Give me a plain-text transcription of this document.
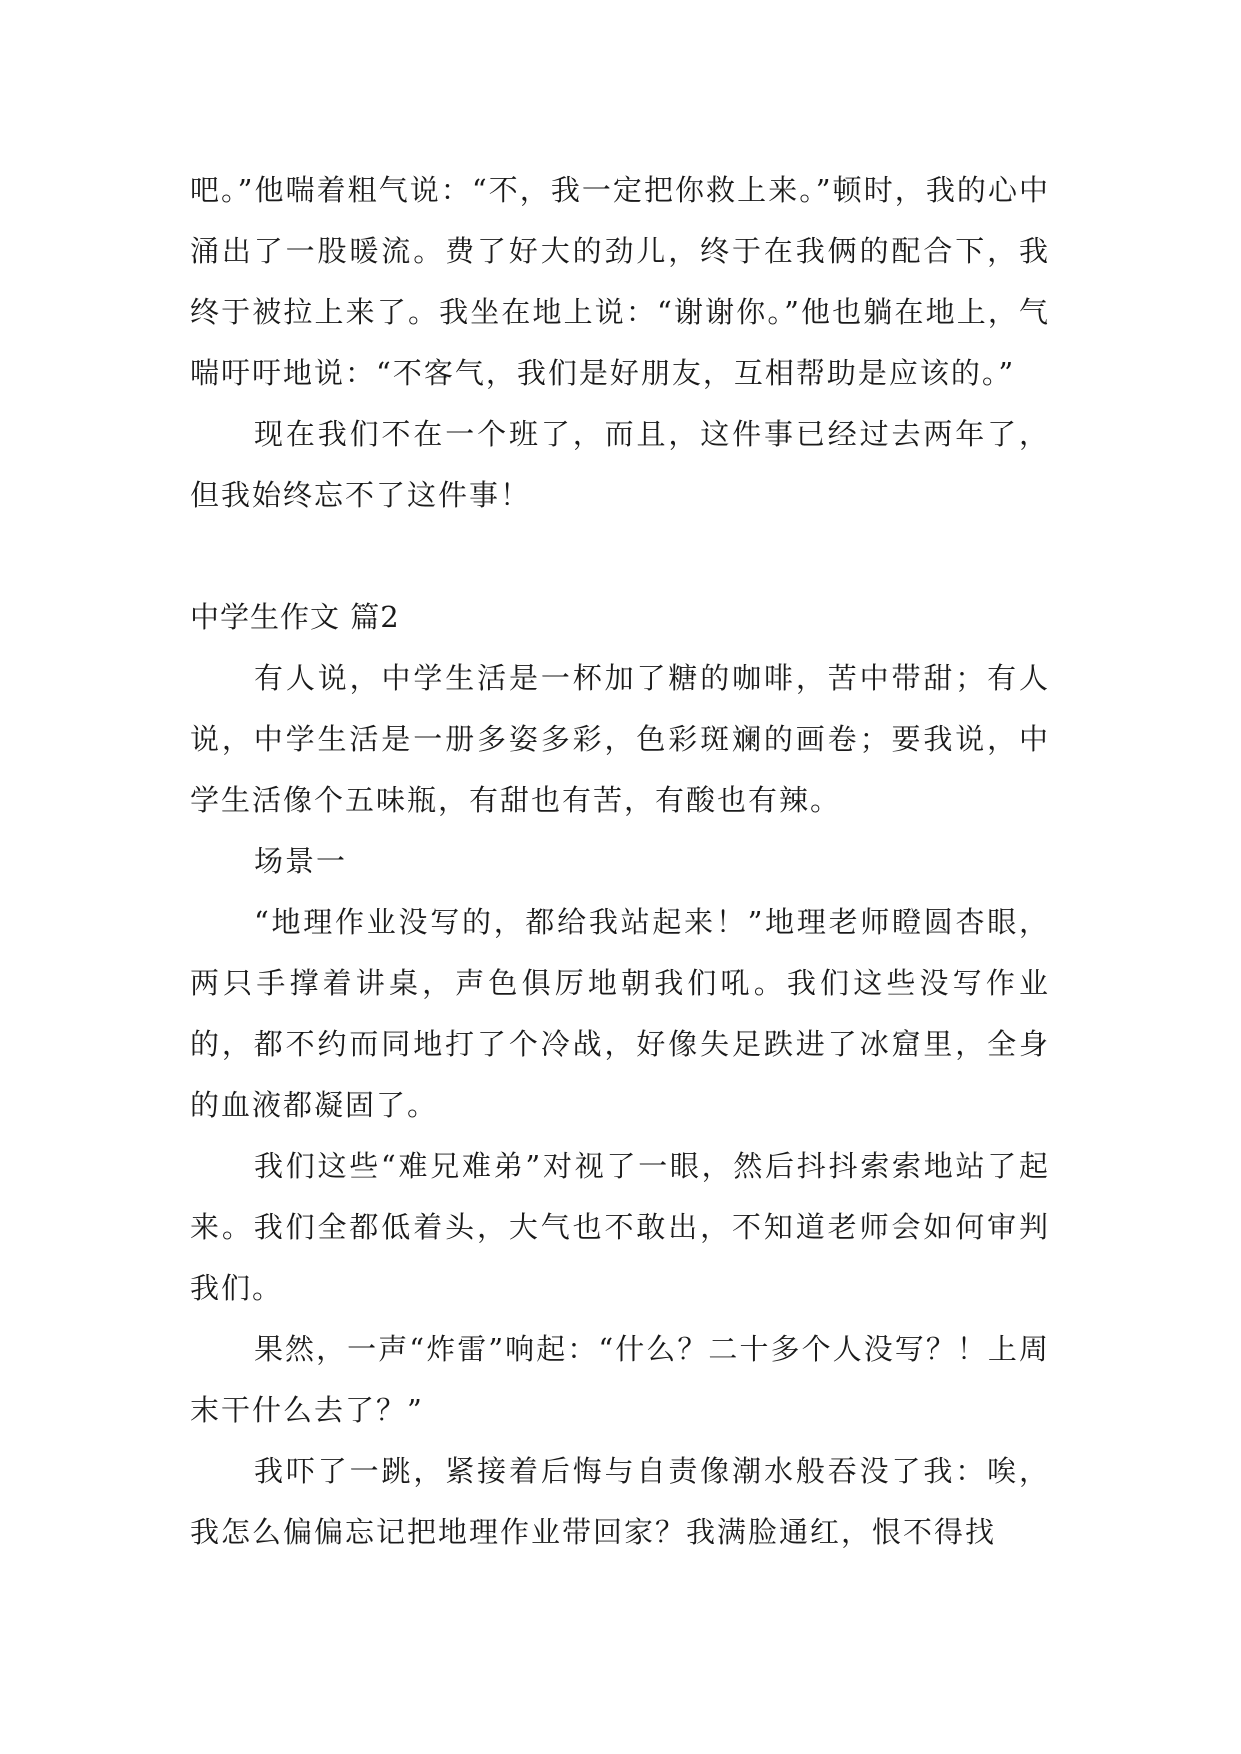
吧。”他喘着粗气说：“不，我一定把你救上来。”顿时，我的心中涌出了一股暖流。费了好大的劲儿，终于在我俩的配合下，我终于被拉上来了。我坐在地上说：“谢谢你。”他也躺在地上，气喘吁吁地说：“不客气，我们是好朋友，互相帮助是应该的。”

现在我们不在一个班了，而且，这件事已经过去两年了，但我始终忘不了这件事！

中学生作文 篇2

有人说，中学生活是一杯加了糖的咖啡，苦中带甜；有人说，中学生活是一册多姿多彩，色彩斑斓的画卷；要我说，中学生活像个五味瓶，有甜也有苦，有酸也有辣。

场景一

“地理作业没写的，都给我站起来！”地理老师瞪圆杏眼，两只手撑着讲桌，声色俱厉地朝我们吼。我们这些没写作业的，都不约而同地打了个冷战，好像失足跌进了冰窟里，全身的血液都凝固了。

我们这些“难兄难弟”对视了一眼，然后抖抖索索地站了起来。我们全都低着头，大气也不敢出，不知道老师会如何审判我们。

果然，一声“炸雷”响起：“什么？二十多个人没写？！上周末干什么去了？”

我吓了一跳，紧接着后悔与自责像潮水般吞没了我：唉，我怎么偏偏忘记把地理作业带回家？我满脸通红，恨不得找
